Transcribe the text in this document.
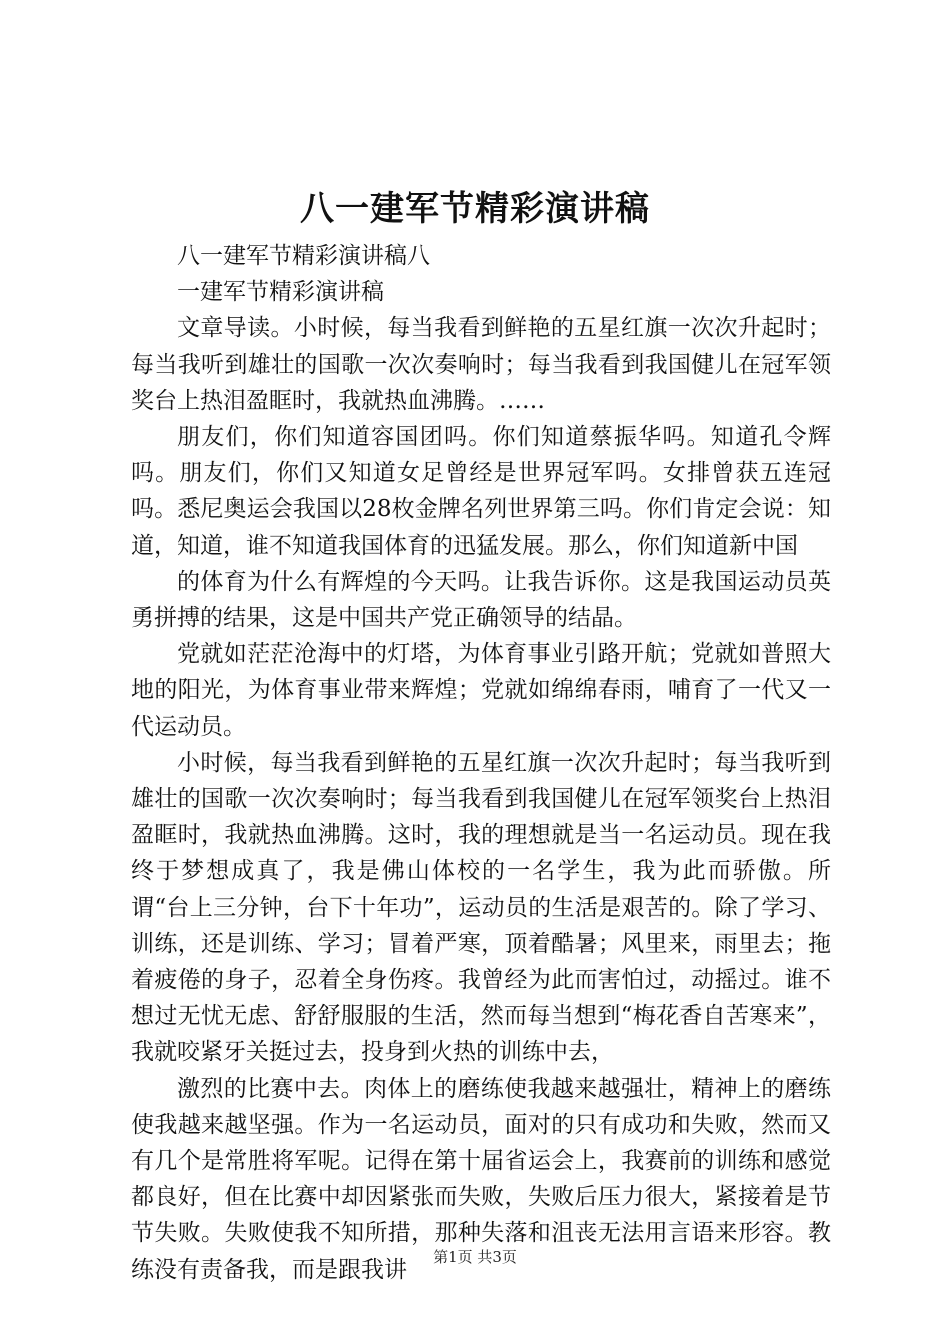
八一建军节精彩演讲稿

八一建军节精彩演讲稿八

一建军节精彩演讲稿

文章导读。小时候，每当我看到鲜艳的五星红旗一次次升起时；每当我听到雄壮的国歌一次次奏响时；每当我看到我国健儿在冠军领奖台上热泪盈眶时，我就热血沸腾。……

朋友们，你们知道容国团吗。你们知道蔡振华吗。知道孔令辉吗。朋友们，你们又知道女足曾经是世界冠军吗。女排曾获五连冠吗。悉尼奥运会我国以28枚金牌名列世界第三吗。你们肯定会说：知道，知道，谁不知道我国体育的迅猛发展。那么，你们知道新中国

的体育为什么有辉煌的今天吗。让我告诉你。这是我国运动员英勇拼搏的结果，这是中国共产党正确领导的结晶。

党就如茫茫沧海中的灯塔，为体育事业引路开航；党就如普照大地的阳光，为体育事业带来辉煌；党就如绵绵春雨，哺育了一代又一代运动员。

小时候，每当我看到鲜艳的五星红旗一次次升起时；每当我听到雄壮的国歌一次次奏响时；每当我看到我国健儿在冠军领奖台上热泪盈眶时，我就热血沸腾。这时，我的理想就是当一名运动员。现在我终于梦想成真了，我是佛山体校的一名学生，我为此而骄傲。所谓“台上三分钟，台下十年功”，运动员的生活是艰苦的。除了学习、训练，还是训练、学习；冒着严寒，顶着酷暑；风里来，雨里去；拖着疲倦的身子，忍着全身伤疼。我曾经为此而害怕过，动摇过。谁不想过无忧无虑、舒舒服服的生活，然而每当想到“梅花香自苦寒来”，我就咬紧牙关挺过去，投身到火热的训练中去，

激烈的比赛中去。肉体上的磨练使我越来越强壮，精神上的磨练使我越来越坚强。作为一名运动员，面对的只有成功和失败，然而又有几个是常胜将军呢。记得在第十届省运会上，我赛前的训练和感觉都良好，但在比赛中却因紧张而失败，失败后压力很大，紧接着是节节失败。失败使我不知所措，那种失落和沮丧无法用言语来形容。教练没有责备我，而是跟我讲	第1页 共3页
